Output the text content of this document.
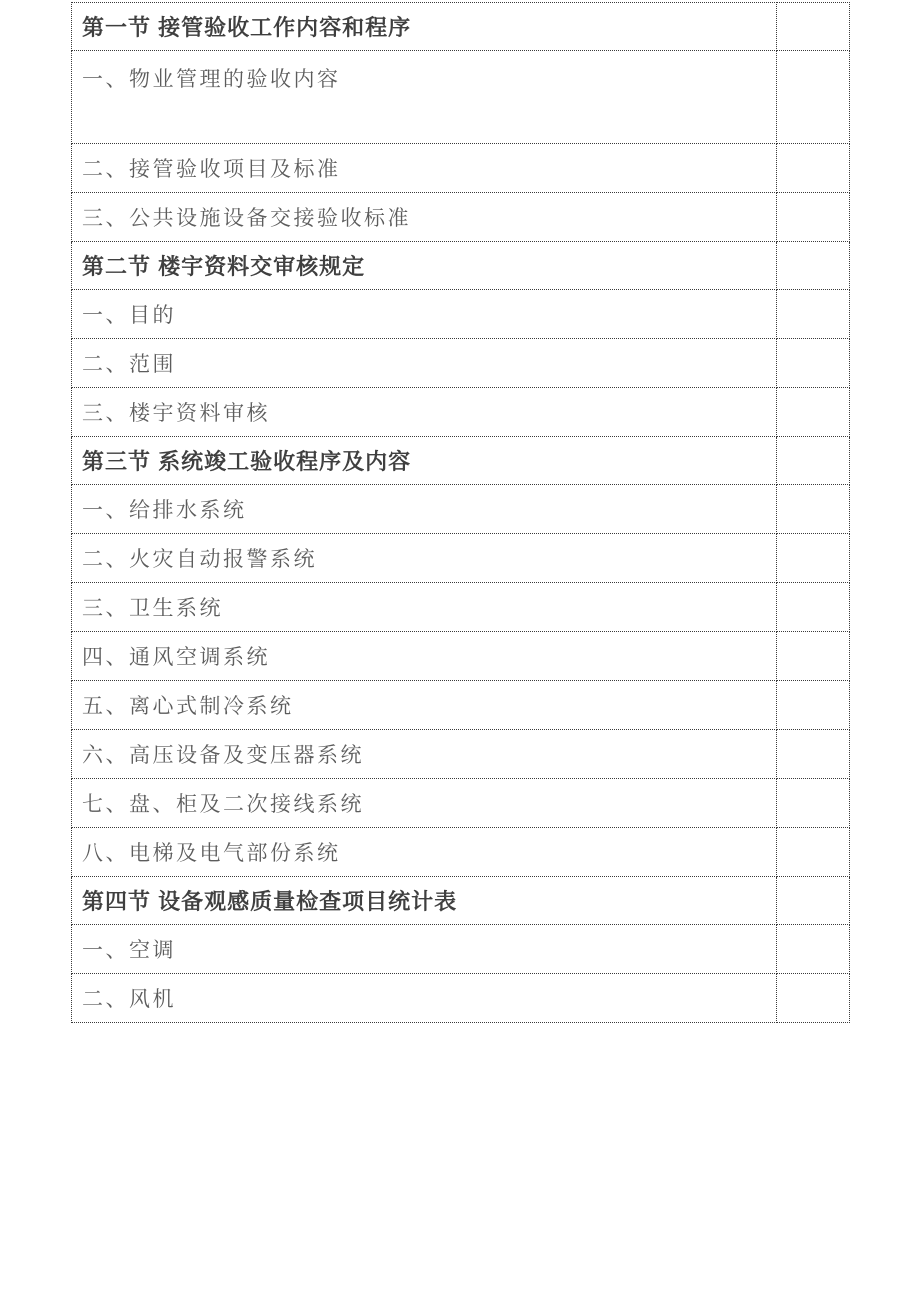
第一节 接管验收工作内容和程序	
一、物业管理的验收内容	
二、接管验收项目及标准	
三、公共设施设备交接验收标准	
第二节 楼宇资料交审核规定	
一、目的	
二、范围	
三、楼宇资料审核	
第三节 系统竣工验收程序及内容	
一、给排水系统	
二、火灾自动报警系统	
三、卫生系统	
四、通风空调系统	
五、离心式制冷系统	
六、高压设备及变压器系统	
七、盘、柜及二次接线系统	
八、电梯及电气部份系统	
第四节 设备观感质量检查项目统计表	
一、空调	
二、风机	
